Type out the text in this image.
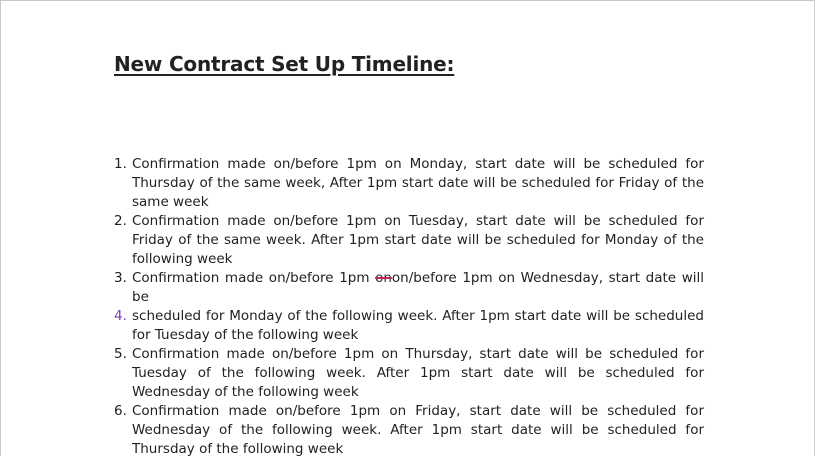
New Contract Set Up Timeline:
1. Confirmation made on/before 1pm on Monday, start date will be scheduled for Thursday of the same week, After 1pm start date will be scheduled for Friday of the same week
2. Confirmation made on/before 1pm on Tuesday, start date will be scheduled for Friday of the same week. After 1pm start date will be scheduled for Monday of the following week
3. Confirmation made on/before 1pm onon/before 1pm on Wednesday, start date will be
4. scheduled for Monday of the following week. After 1pm start date will be scheduled for Tuesday of the following week
5. Confirmation made on/before 1pm on Thursday, start date will be scheduled for Tuesday of the following week. After 1pm start date will be scheduled for Wednesday of the following week
6. Confirmation made on/before 1pm on Friday, start date will be scheduled for Wednesday of the following week. After 1pm start date will be scheduled for Thursday of the following week
